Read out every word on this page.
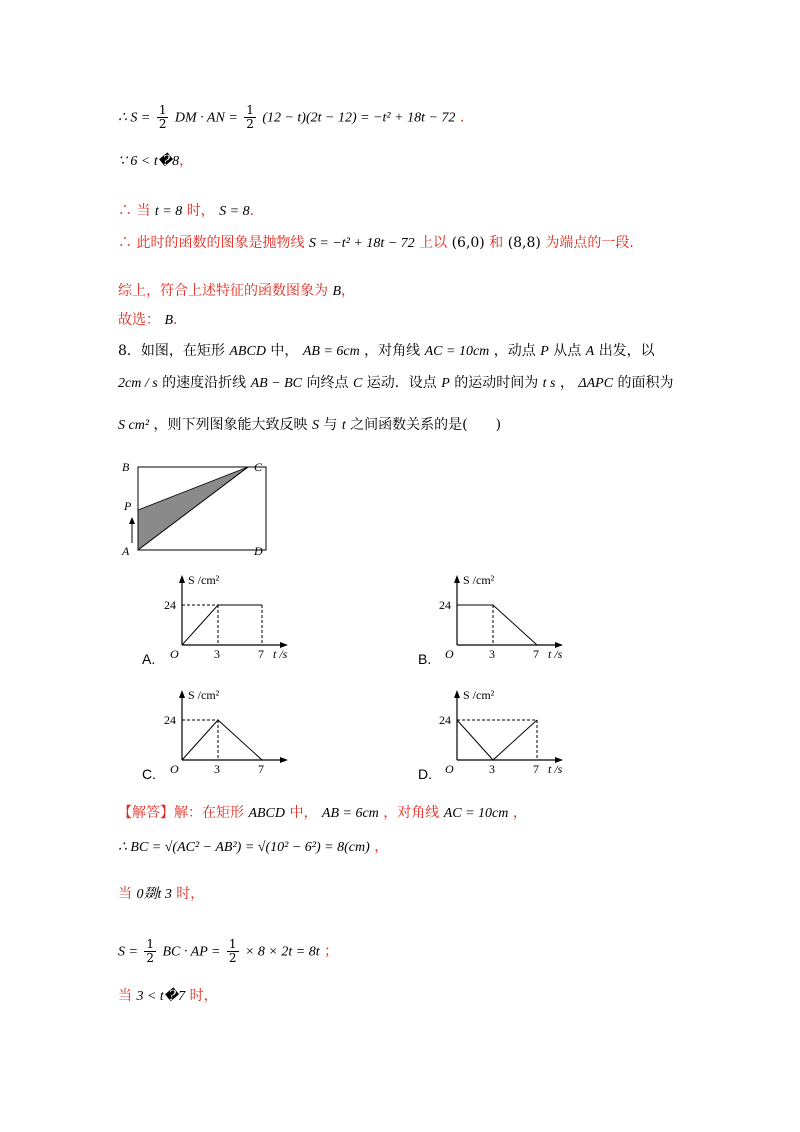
∴ $S = \frac{1}{2}$ DM · AN = $\frac{1}{2} (12 - t)(2t - 12) = -t^2 + 18t - 72$ .
∵ 6 < t�8，
∴ 当 t = 8 时， S = 8.
∴ 此时的函数的图象是抛物线 S = −t² + 18t − 72 上以 (6,0) 和 (8,8) 为端点的一段.
综上，符合上述特征的函数图象为 B，
故选： B.
8．如图，在矩形 ABCD 中， AB = 6cm ，对角线 AC = 10cm ，动点 P 从点 A 出发，以
2cm / s 的速度沿折线 AB − BC 向终点 C 运动．设点 P 的运动时间为 t s ， ΔAPC 的面积为
S cm² ，则下列图象能大致反映 S 与 t 之间函数关系的是(　　)
B	C
P
A	D
S /cm²
24
O	3	7 t /s
A.
S /cm²
24
O	3	7 t /s
B.
S /cm²
24
O	3	7
C.
S /cm²
24
O	3	7 t /s
D.
【解答】解：在矩形 ABCD 中， AB = 6cm ，对角线 AC = 10cm ，
∴ BC = √(AC² − AB²) = √(10² − 6²) = 8(cm) ，
当 0剟t 3 时，
$S = \frac{1}{2}$ BC · AP = $\frac{1}{2} \times 8 \times 2t = 8t$ ；
当 3 < t�7 时，
